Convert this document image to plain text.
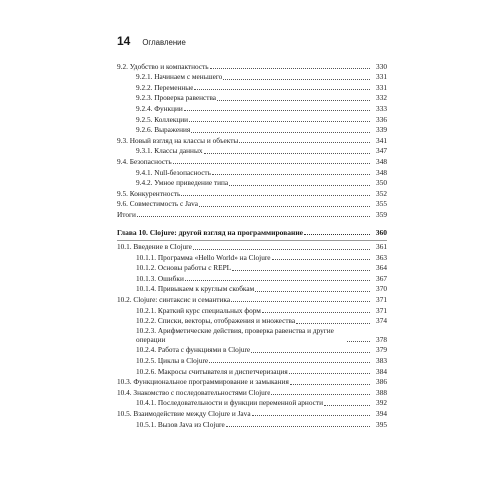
14 Оглавление
9.2. Удобство и компактность	330
9.2.1. Начинаем с меньшего	331
9.2.2. Переменные	331
9.2.3. Проверка равенства	332
9.2.4. Функции	333
9.2.5. Коллекции	336
9.2.6. Выражения	339
9.3. Новый взгляд на классы и объекты	341
9.3.1. Классы данных	347
9.4. Безопасность	348
9.4.1. Null-безопасность	348
9.4.2. Умное приведение типа	350
9.5. Конкурентность	352
9.6. Совместимость с Java	355
Итоги	359
Глава 10. Clojure: другой взгляд на программирование	360
10.1. Введение в Clojure	361
10.1.1. Программа «Hello World» на Clojure	363
10.1.2. Основы работы с REPL	364
10.1.3. Ошибки	367
10.1.4. Привыкаем к круглым скобкам	370
10.2. Clojure: синтаксис и семантика	371
10.2.1. Краткий курс специальных форм	371
10.2.2. Списки, векторы, отображения и множества	374
10.2.3. Арифметические действия, проверка равенства и другие операции	378
10.2.4. Работа с функциями в Clojure	379
10.2.5. Циклы в Clojure	383
10.2.6. Макросы считывателя и диспетчеризация	384
10.3. Функциональное программирование и замыкания	386
10.4. Знакомство с последовательностями Clojure	388
10.4.1. Последовательности и функции переменной арности	392
10.5. Взаимодействие между Clojure и Java	394
10.5.1. Вызов Java из Clojure	395
